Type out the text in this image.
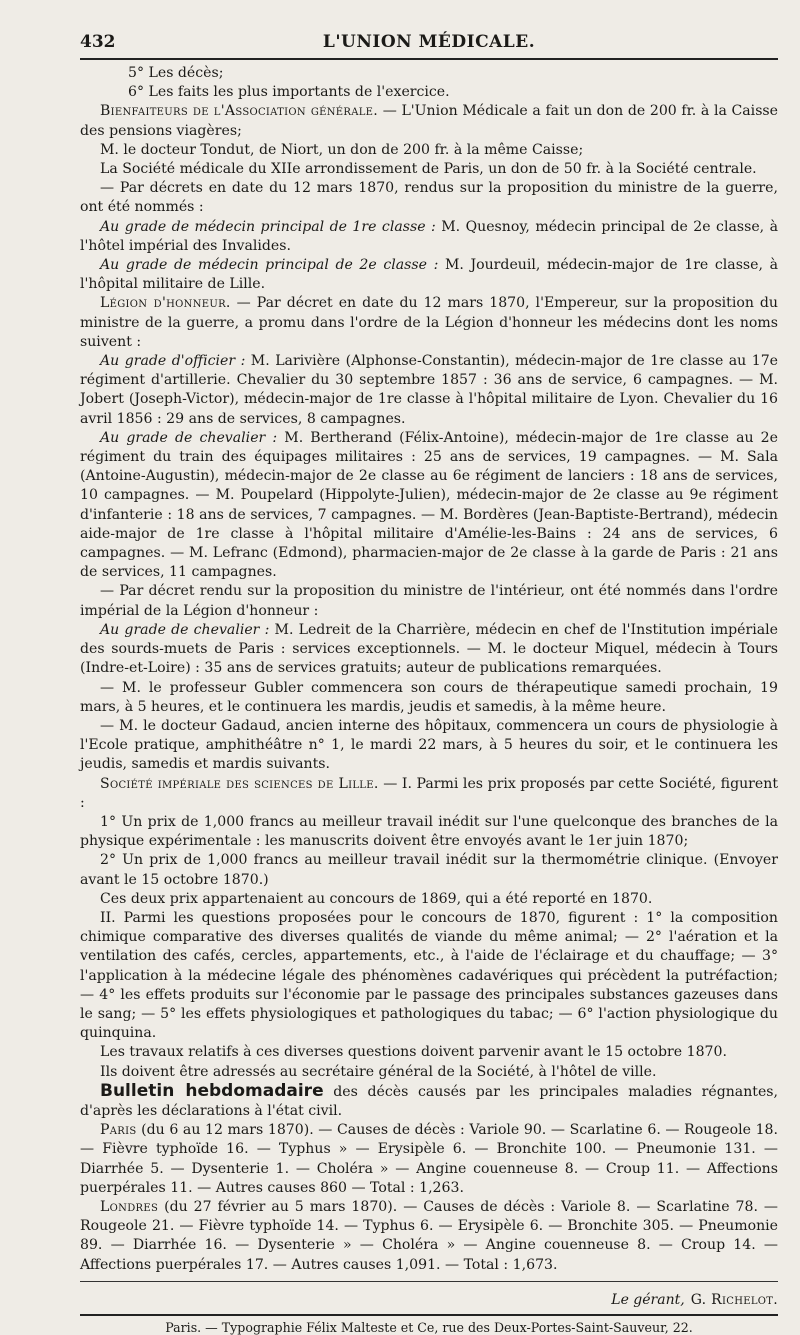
432	L'UNION MÉDICALE.

5° Les décès;

6° Les faits les plus importants de l'exercice.

Bienfaiteurs de l'Association générale. — L'Union Médicale a fait un don de 200 fr. à la Caisse des pensions viagères;

M. le docteur Tondut, de Niort, un don de 200 fr. à la même Caisse;

La Société médicale du XIIe arrondissement de Paris, un don de 50 fr. à la Société centrale.

— Par décrets en date du 12 mars 1870, rendus sur la proposition du ministre de la guerre, ont été nommés :

Au grade de médecin principal de 1re classe : M. Quesnoy, médecin principal de 2e classe, à l'hôtel impérial des Invalides.

Au grade de médecin principal de 2e classe : M. Jourdeuil, médecin-major de 1re classe, à l'hôpital militaire de Lille.

Légion d'honneur. — Par décret en date du 12 mars 1870, l'Empereur, sur la proposition du ministre de la guerre, a promu dans l'ordre de la Légion d'honneur les médecins dont les noms suivent :

Au grade d'officier : M. Larivière (Alphonse-Constantin), médecin-major de 1re classe au 17e régiment d'artillerie. Chevalier du 30 septembre 1857 : 36 ans de service, 6 campagnes. — M. Jobert (Joseph-Victor), médecin-major de 1re classe à l'hôpital militaire de Lyon. Chevalier du 16 avril 1856 : 29 ans de services, 8 campagnes.

Au grade de chevalier : M. Bertherand (Félix-Antoine), médecin-major de 1re classe au 2e régiment du train des équipages militaires : 25 ans de services, 19 campagnes. — M. Sala (Antoine-Augustin), médecin-major de 2e classe au 6e régiment de lanciers : 18 ans de services, 10 campagnes. — M. Poupelard (Hippolyte-Julien), médecin-major de 2e classe au 9e régiment d'infanterie : 18 ans de services, 7 campagnes. — M. Bordères (Jean-Baptiste-Bertrand), médecin aide-major de 1re classe à l'hôpital militaire d'Amélie-les-Bains : 24 ans de services, 6 campagnes. — M. Lefranc (Edmond), pharmacien-major de 2e classe à la garde de Paris : 21 ans de services, 11 campagnes.

— Par décret rendu sur la proposition du ministre de l'intérieur, ont été nommés dans l'ordre impérial de la Légion d'honneur :

Au grade de chevalier : M. Ledreit de la Charrière, médecin en chef de l'Institution impériale des sourds-muets de Paris : services exceptionnels. — M. le docteur Miquel, médecin à Tours (Indre-et-Loire) : 35 ans de services gratuits; auteur de publications remarquées.

— M. le professeur Gubler commencera son cours de thérapeutique samedi prochain, 19 mars, à 5 heures, et le continuera les mardis, jeudis et samedis, à la même heure.

— M. le docteur Gadaud, ancien interne des hôpitaux, commencera un cours de physiologie à l'Ecole pratique, amphithéâtre n° 1, le mardi 22 mars, à 5 heures du soir, et le continuera les jeudis, samedis et mardis suivants.

Société impériale des sciences de Lille. — I. Parmi les prix proposés par cette Société, figurent :

1° Un prix de 1,000 francs au meilleur travail inédit sur l'une quelconque des branches de la physique expérimentale : les manuscrits doivent être envoyés avant le 1er juin 1870;

2° Un prix de 1,000 francs au meilleur travail inédit sur la thermométrie clinique. (Envoyer avant le 15 octobre 1870.)

Ces deux prix appartenaient au concours de 1869, qui a été reporté en 1870.

II. Parmi les questions proposées pour le concours de 1870, figurent : 1° la composition chimique comparative des diverses qualités de viande du même animal; — 2° l'aération et la ventilation des cafés, cercles, appartements, etc., à l'aide de l'éclairage et du chauffage; — 3° l'application à la médecine légale des phénomènes cadavériques qui précèdent la putréfaction; — 4° les effets produits sur l'économie par le passage des principales substances gazeuses dans le sang; — 5° les effets physiologiques et pathologiques du tabac; — 6° l'action physiologique du quinquina.

Les travaux relatifs à ces diverses questions doivent parvenir avant le 15 octobre 1870.

Ils doivent être adressés au secrétaire général de la Société, à l'hôtel de ville.

Bulletin hebdomadaire des décès causés par les principales maladies régnantes, d'après les déclarations à l'état civil.

Paris (du 6 au 12 mars 1870). — Causes de décès : Variole 90. — Scarlatine 6. — Rougeole 18. — Fièvre typhoïde 16. — Typhus » — Erysipèle 6. — Bronchite 100. — Pneumonie 131. — Diarrhée 5. — Dysenterie 1. — Choléra » — Angine couenneuse 8. — Croup 11. — Affections puerpérales 11. — Autres causes 860 — Total : 1,263.

Londres (du 27 février au 5 mars 1870). — Causes de décès : Variole 8. — Scarlatine 78. — Rougeole 21. — Fièvre typhoïde 14. — Typhus 6. — Erysipèle 6. — Bronchite 305. — Pneumonie 89. — Diarrhée 16. — Dysenterie » — Choléra » — Angine couenneuse 8. — Croup 14. — Affections puerpérales 17. — Autres causes 1,091. — Total : 1,673.

Le gérant, G. Richelot.
Paris. — Typographie Félix Malteste et Ce, rue des Deux-Portes-Saint-Sauveur, 22.
